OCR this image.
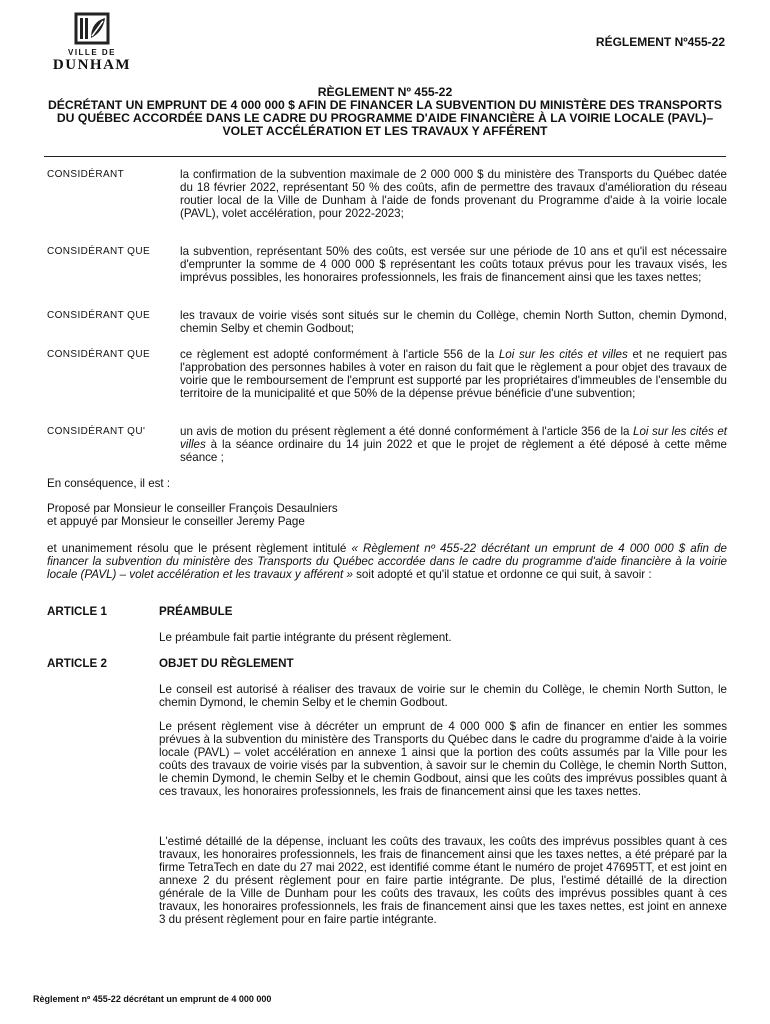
VILLE DE
DUNHAM
RÉGLEMENT Nº455-22
RÈGLEMENT Nº 455-22
DÉCRÉTANT UN EMPRUNT DE 4 000 000 $ AFIN DE FINANCER LA SUBVENTION DU MINISTÈRE DES TRANSPORTS DU QUÉBEC ACCORDÉE DANS LE CADRE DU PROGRAMME D'AIDE FINANCIÈRE À LA VOIRIE LOCALE (PAVL)– VOLET ACCÉLÉRATION ET LES TRAVAUX Y AFFÉRENT
CONSIDÉRANT	la confirmation de la subvention maximale de 2 000 000 $ du ministère des Transports du Québec datée du 18 février 2022, représentant 50 % des coûts, afin de permettre des travaux d'amélioration du réseau routier local de la Ville de Dunham à l'aide de fonds provenant du Programme d'aide à la voirie locale (PAVL), volet accélération, pour 2022-2023;
CONSIDÉRANT QUE	la subvention, représentant 50% des coûts, est versée sur une période de 10 ans et qu'il est nécessaire d'emprunter la somme de 4 000 000 $ représentant les coûts totaux prévus pour les travaux visés, les imprévus possibles, les honoraires professionnels, les frais de financement ainsi que les taxes nettes;
CONSIDÉRANT QUE	les travaux de voirie visés sont situés sur le chemin du Collège, chemin North Sutton, chemin Dymond, chemin Selby et chemin Godbout;
CONSIDÉRANT QUE	ce règlement est adopté conformément à l'article 556 de la Loi sur les cités et villes et ne requiert pas l'approbation des personnes habiles à voter en raison du fait que le règlement a pour objet des travaux de voirie que le remboursement de l'emprunt est supporté par les propriétaires d'immeubles de l'ensemble du territoire de la municipalité et que 50% de la dépense prévue bénéficie d'une subvention;
CONSIDÉRANT QU'	un avis de motion du présent règlement a été donné conformément à l'article 356 de la Loi sur les cités et villes à la séance ordinaire du 14 juin 2022 et que le projet de règlement a été déposé à cette même séance ;
En conséquence, il est :
Proposé par Monsieur le conseiller François Desaulniers
et appuyé par Monsieur le conseiller Jeremy Page
et unanimement résolu que le présent règlement intitulé « Règlement nº 455-22 décrétant un emprunt de 4 000 000 $ afin de financer la subvention du ministère des Transports du Québec accordée dans le cadre du programme d'aide financière à la voirie locale (PAVL) – volet accélération et les travaux y afférent » soit adopté et qu'il statue et ordonne ce qui suit, à savoir :
ARTICLE 1	PRÉAMBULE
Le préambule fait partie intégrante du présent règlement.
ARTICLE 2	OBJET DU RÈGLEMENT
Le conseil est autorisé à réaliser des travaux de voirie sur le chemin du Collège, le chemin North Sutton, le chemin Dymond, le chemin Selby et le chemin Godbout.
Le présent règlement vise à décréter un emprunt de 4 000 000 $ afin de financer en entier les sommes prévues à la subvention du ministère des Transports du Québec dans le cadre du programme d'aide à la voirie locale (PAVL) – volet accélération en annexe 1 ainsi que la portion des coûts assumés par la Ville pour les coûts des travaux de voirie visés par la subvention, à savoir sur le chemin du Collège, le chemin North Sutton, le chemin Dymond, le chemin Selby et le chemin Godbout, ainsi que les coûts des imprévus possibles quant à ces travaux, les honoraires professionnels, les frais de financement ainsi que les taxes nettes.
L'estimé détaillé de la dépense, incluant les coûts des travaux, les coûts des imprévus possibles quant à ces travaux, les honoraires professionnels, les frais de financement ainsi que les taxes nettes, a été préparé par la firme TetraTech en date du 27 mai 2022, est identifié comme étant le numéro de projet 47695TT, et est joint en annexe 2 du présent règlement pour en faire partie intégrante. De plus, l'estimé détaillé de la direction générale de la Ville de Dunham pour les coûts des travaux, les coûts des imprévus possibles quant à ces travaux, les honoraires professionnels, les frais de financement ainsi que les taxes nettes, est joint en annexe 3 du présent règlement pour en faire partie intégrante.
Règlement nº 455-22 décrétant un emprunt de 4 000 000
